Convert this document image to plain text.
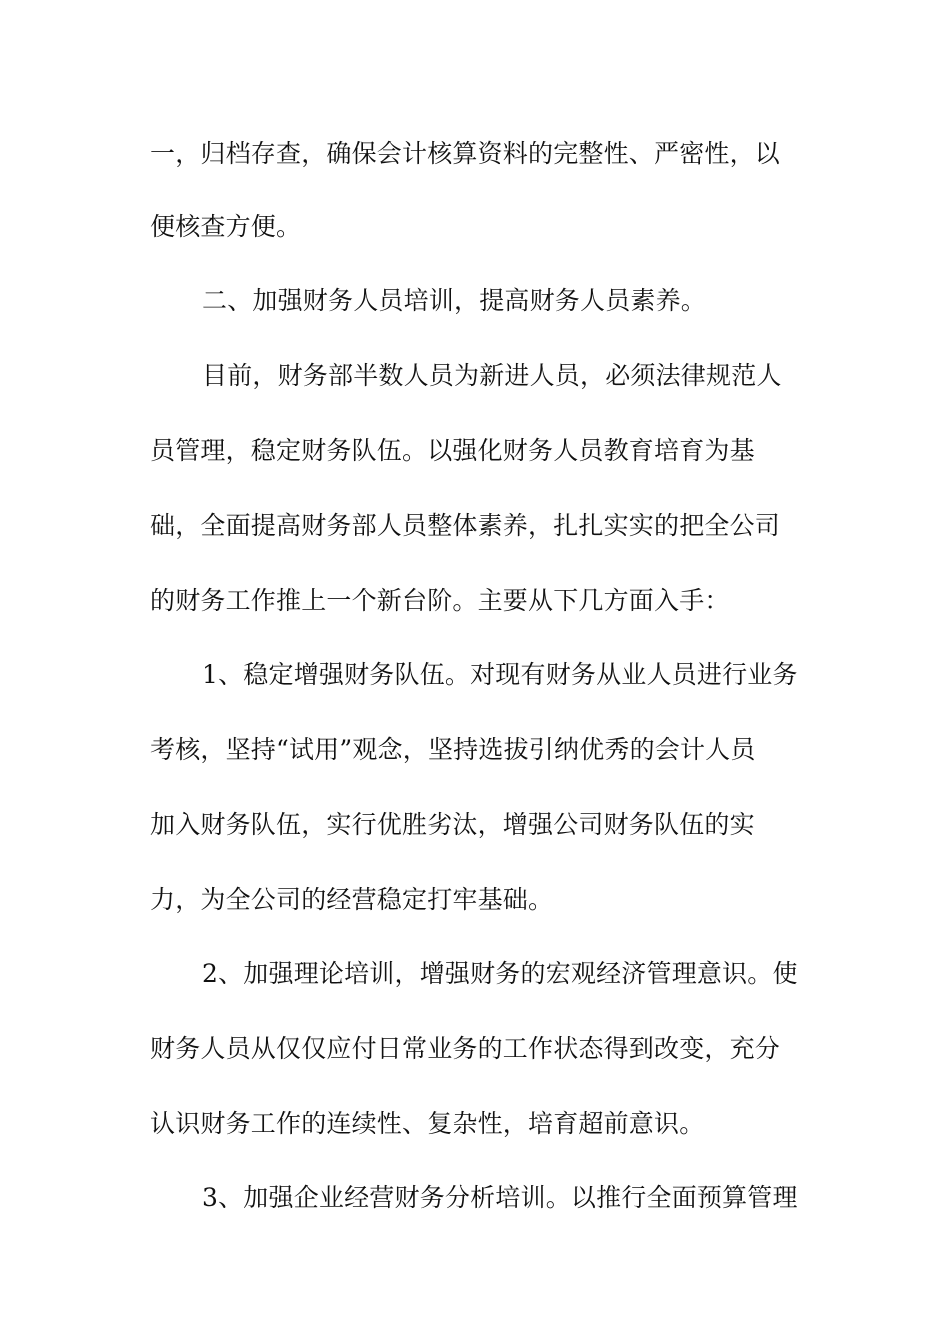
一，归档存查，确保会计核算资料的完整性、严密性，以
便核查方便。
二、加强财务人员培训，提高财务人员素养。
目前，财务部半数人员为新进人员，必须法律规范人
员管理，稳定财务队伍。以强化财务人员教育培育为基
础，全面提高财务部人员整体素养，扎扎实实的把全公司
的财务工作推上一个新台阶。主要从下几方面入手：
1、稳定增强财务队伍。对现有财务从业人员进行业务
考核，坚持“试用”观念，坚持选拔引纳优秀的会计人员
加入财务队伍，实行优胜劣汰，增强公司财务队伍的实
力，为全公司的经营稳定打牢基础。
2、加强理论培训，增强财务的宏观经济管理意识。使
财务人员从仅仅应付日常业务的工作状态得到改变，充分
认识财务工作的连续性、复杂性，培育超前意识。
3、加强企业经营财务分析培训。以推行全面预算管理
